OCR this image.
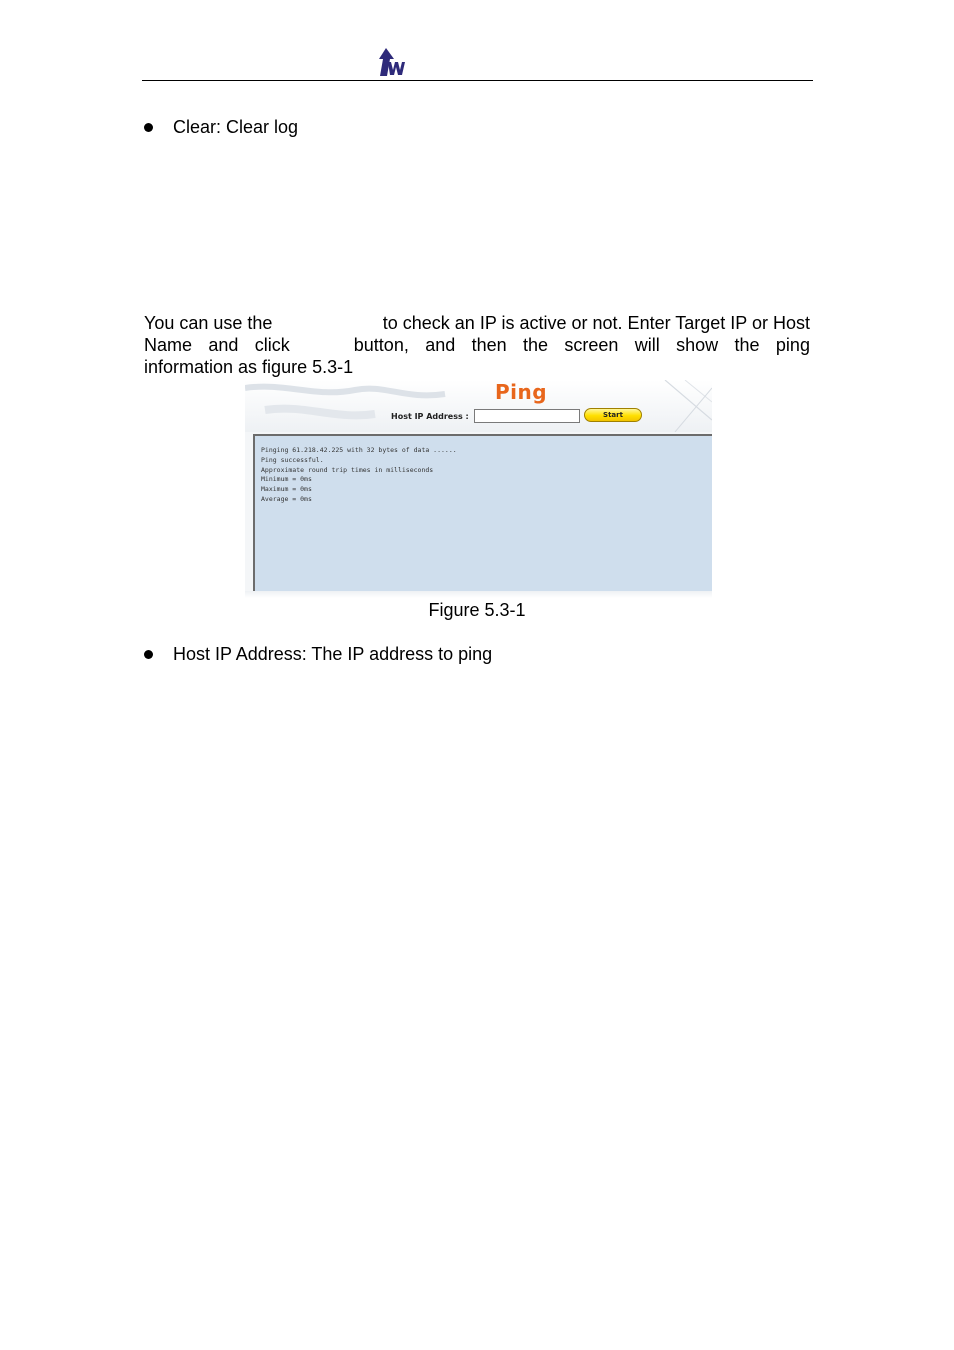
Clear: Clear log
You can use the	to check an IP is active or not. Enter Target IP or Host
Name and click	button, and then the screen will show the ping
information as figure 5.3-1
Ping
Host IP Address :	Start
Pinging 61.218.42.225 with 32 bytes of data ......
Ping successful.
Approximate round trip times in milliseconds
Minimum = 0ms
Maximum = 0ms
Average = 0ms
Figure 5.3-1
Host IP Address: The IP address to ping
